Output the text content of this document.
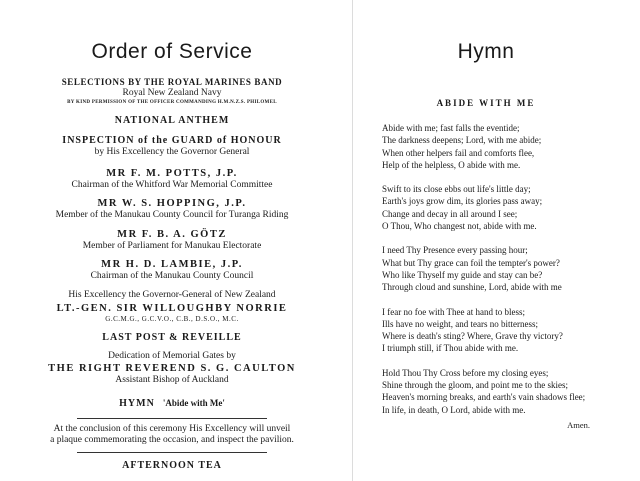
Order of Service
SELECTIONS BY THE ROYAL MARINES BAND
Royal New Zealand Navy
BY KIND PERMISSION OF THE OFFICER COMMANDING H.M.N.Z.S. PHILOMEL
NATIONAL ANTHEM
INSPECTION of the GUARD of HONOUR
by His Excellency the Governor General
MR F. M. POTTS, J.P.
Chairman of the Whitford War Memorial Committee
MR W. S. HOPPING, J.P.
Member of the Manukau County Council for Turanga Riding
MR F. B. A. GÖTZ
Member of Parliament for Manukau Electorate
MR H. D. LAMBIE, J.P.
Chairman of the Manukau County Council
His Excellency the Governor-General of New Zealand
LT.-GEN. SIR WILLOUGHBY NORRIE
G.C.M.G., G.C.V.O., C.B., D.S.O., M.C.
LAST POST & REVEILLE
Dedication of Memorial Gates by
THE RIGHT REVEREND S. G. CAULTON
Assistant Bishop of Auckland
HYMN 'Abide with Me'
At the conclusion of this ceremony His Excellency will unveil
a plaque commemorating the occasion, and inspect the pavilion.
AFTERNOON TEA
Hymn
ABIDE WITH ME
Abide with me; fast falls the eventide;
The darkness deepens; Lord, with me abide;
When other helpers fail and comforts flee,
Help of the helpless, O abide with me.
Swift to its close ebbs out life's little day;
Earth's joys grow dim, its glories pass away;
Change and decay in all around I see;
O Thou, Who changest not, abide with me.
I need Thy Presence every passing hour;
What but Thy grace can foil the tempter's power?
Who like Thyself my guide and stay can be?
Through cloud and sunshine, Lord, abide with me
I fear no foe with Thee at hand to bless;
Ills have no weight, and tears no bitterness;
Where is death's sting? Where, Grave thy victory?
I triumph still, if Thou abide with me.
Hold Thou Thy Cross before my closing eyes;
Shine through the gloom, and point me to the skies;
Heaven's morning breaks, and earth's vain shadows flee;
In life, in death, O Lord, abide with me.
Amen.
